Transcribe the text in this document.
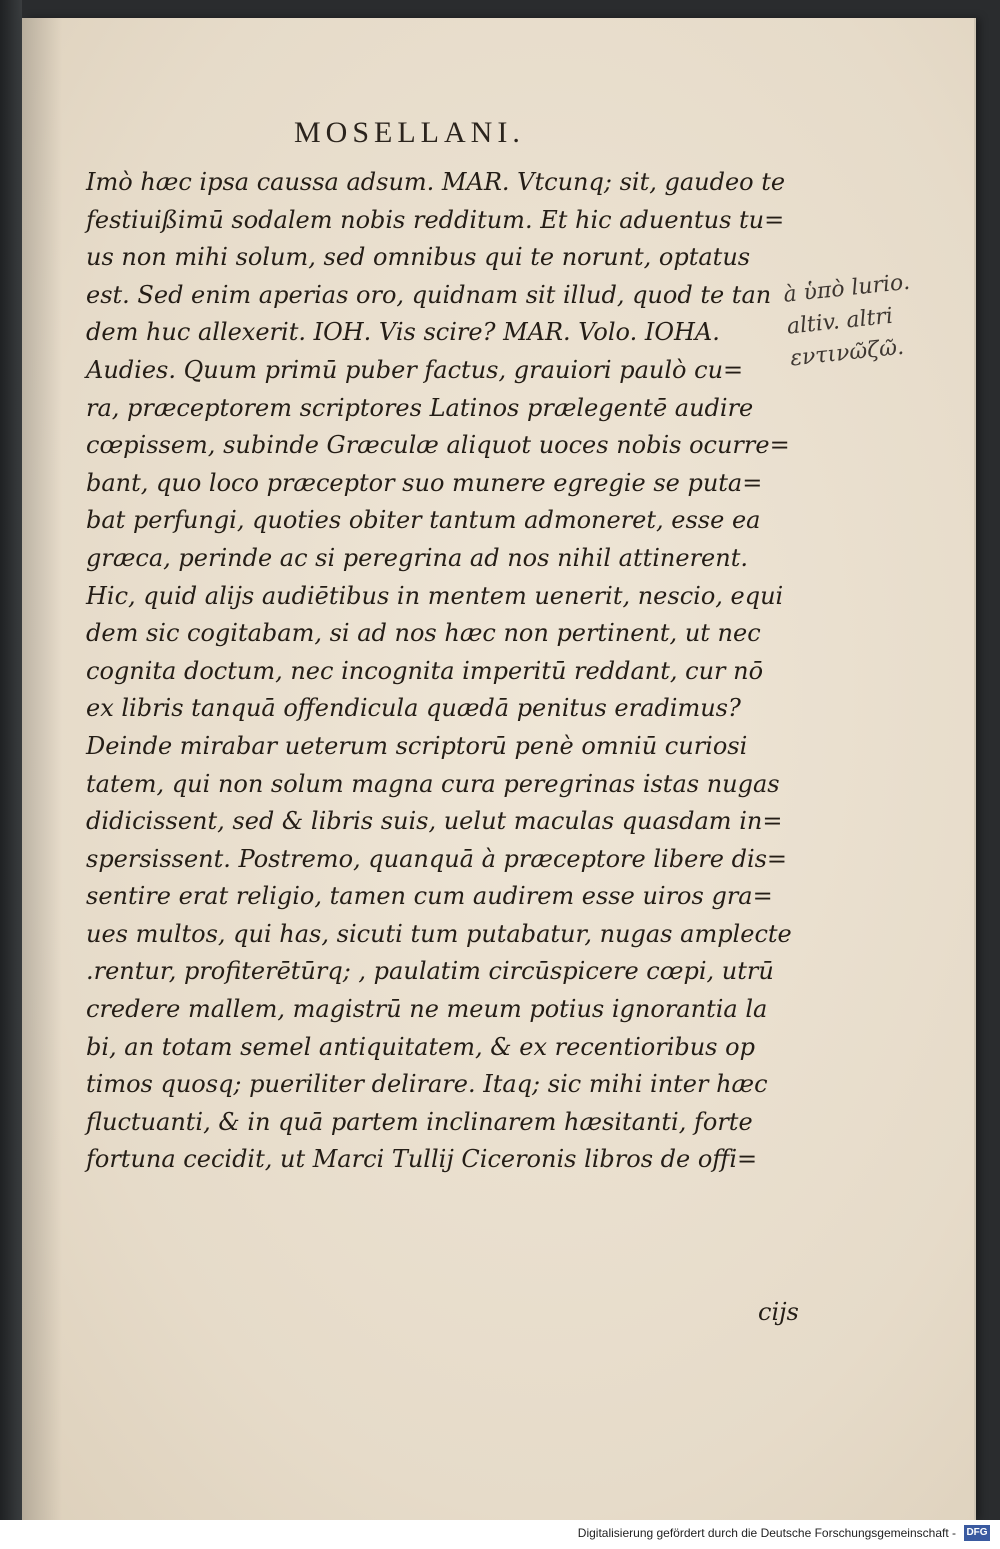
MOSELLANI.
Imò hæc ipsa caussa adsum. MAR. Vtcunq; sit, gaudeo te
festiuißimū sodalem nobis redditum. Et hic aduentus tu=
us non mihi solum, sed omnibus qui te norunt, optatus
est. Sed enim aperias oro, quidnam sit illud, quod te tan
dem huc allexerit. IOH. Vis scire? MAR. Volo. IOHA.
Audies. Quum primū puber factus, grauiori paulò cu=
ra, præceptorem scriptores Latinos prælegentē audire
cœpissem, subinde Græculæ aliquot uoces nobis ocurre=
bant, quo loco præceptor suo munere egregie se puta=
bat perfungi, quoties obiter tantum admoneret, esse ea
græca, perinde ac si peregrina ad nos nihil attinerent.
Hic, quid alijs audiētibus in mentem uenerit, nescio, equi
dem sic cogitabam, si ad nos hæc non pertinent, ut nec
cognita doctum, nec incognita imperitū reddant, cur nō
ex libris tanquā offendicula quædā penitus eradimus?
Deinde mirabar ueterum scriptorū penè omniū curiosi
tatem, qui non solum magna cura peregrinas istas nugas
didicissent, sed & libris suis, uelut maculas quasdam in=
spersissent. Postremo, quanquā à præceptore libere dis=
sentire erat religio, tamen cum audirem esse uiros gra=
ues multos, qui has, sicuti tum putabatur, nugas amplecte
.rentur, profiterētūrq; , paulatim circūspicere cœpi, utrū
credere mallem, magistrū ne meum potius ignorantia la
bi, an totam semel antiquitatem, & ex recentioribus op
timos quosq; pueriliter delirare. Itaq; sic mihi inter hæc
fluctuanti, & in quā partem inclinarem hæsitanti, forte
fortuna cecidit, ut Marci Tullij Ciceronis libros de offi=
cijs
à ὑπὸ lurio.
altiv. altri
εντινῶζῶ.
Digitalisierung gefördert durch die Deutsche Forschungsgemeinschaft - DFG
